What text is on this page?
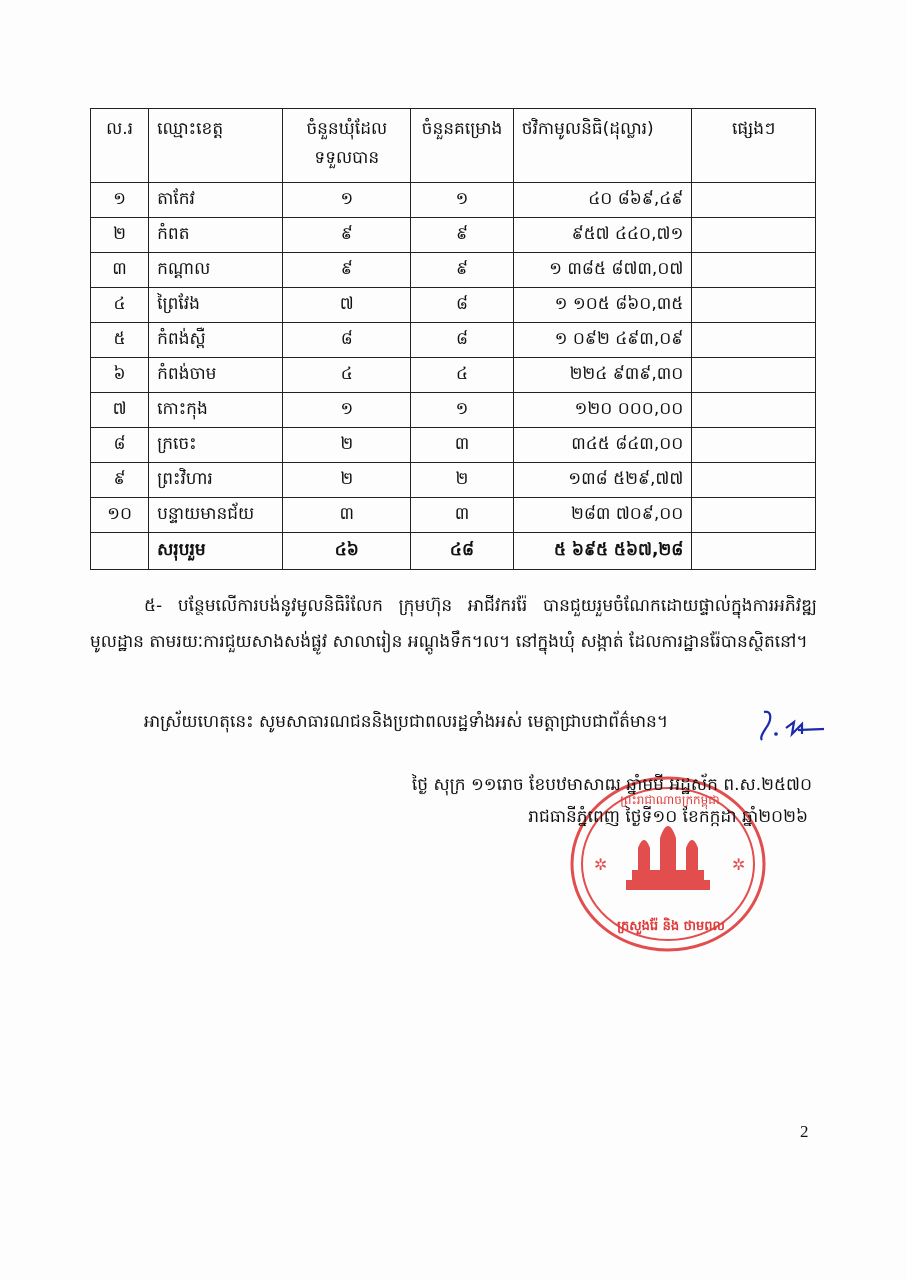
ល.រ	ឈ្មោះខេត្ត	ចំនួនឃុំដែលទទួលបាន	ចំនួនគម្រោង	ថវិកាមូលនិធិ(ដុល្លារ)	ផ្សេងៗ
១	តាកែវ	១	១	៤០ ៨៦៩,៤៩	
២	កំពត	៩	៩	៩៥៧ ៤៤០,៧១	
៣	កណ្តាល	៩	៩	១ ៣៨៥ ៨៧៣,០៧	
៤	ព្រៃវែង	៧	៨	១ ១០៥ ៨៦០,៣៥	
៥	កំពង់ស្ពឺ	៨	៨	១ ០៩២ ៤៩៣,០៩	
៦	កំពង់ចាម	៤	៤	២២៤ ៩៣៩,៣០	
៧	កោះកុង	១	១	១២០ ០០០,០០	
៨	ក្រចេះ	២	៣	៣៤៥ ៨៤៣,០០	
៩	ព្រះវិហារ	២	២	១៣៨ ៥២៩,៧៧	
១០	បន្ទាយមានជ័យ	៣	៣	២៨៣ ៧០៩,០០	
	សរុបរួម	៤៦	៤៨	៥ ៦៩៥ ៥៦៧,២៨	

៥- បន្ថែមលើការបង់នូវមូលនិធិរំលែក ក្រុមហ៊ុន អាជីវកររ៉ែ បានជួយរួមចំណែកដោយផ្ទាល់ក្នុងការអភិវឌ្ឍមូលដ្ឋាន តាមរយៈការជួយសាងសង់ផ្លូវ សាលារៀន អណ្តូងទឹក។ល។ នៅក្នុងឃុំ សង្កាត់ ដែលការដ្ឋានរ៉ែបានស្ថិតនៅ។

អាស្រ័យហេតុនេះ សូមសាធារណជននិងប្រជាពលរដ្ឋទាំងអស់ មេត្តាជ្រាបជាព័ត៌មាន។

✲	✲
ព្រះរាជាណាចក្រកម្ពុជា
ក្រសួងរ៉ែ និង ថាមពល
ថ្ងៃ សុក្រ ១១រោច ខែបឋមាសាឍ ឆ្នាំមមី អដ្ឋស័ក ព.ស.២៥៧០
រាជធានីភ្នំពេញ ថ្ងៃទី១០ ខែកក្កដា ឆ្នាំ២០២៦
2
